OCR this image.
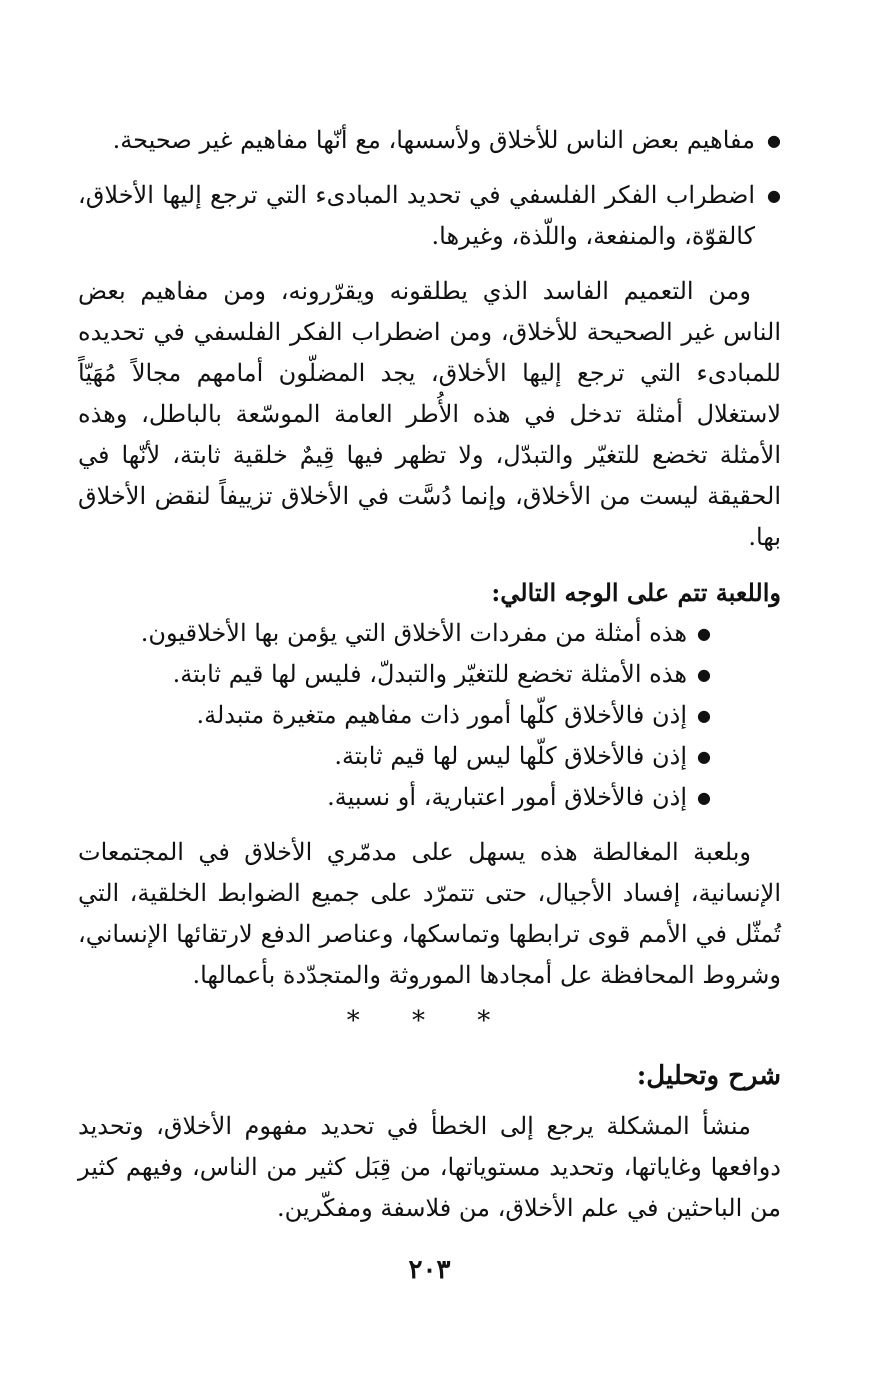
● مفاهيم بعض الناس للأخلاق ولأسسها، مع أنّها مفاهيم غير صحيحة.

● اضطراب الفكر الفلسفي في تحديد المبادىء التي ترجع إليها الأخلاق، كالقوّة، والمنفعة، واللّذة، وغيرها.

ومن التعميم الفاسد الذي يطلقونه ويقرّرونه، ومن مفاهيم بعض الناس غير الصحيحة للأخلاق، ومن اضطراب الفكر الفلسفي في تحديده للمبادىء التي ترجع إليها الأخلاق، يجد المضلّون أمامهم مجالاً مُهَيّاً لاستغلال أمثلة تدخل في هذه الأُطر العامة الموسّعة بالباطل، وهذه الأمثلة تخضع للتغيّر والتبدّل، ولا تظهر فيها قِيمٌ خلقية ثابتة، لأنّها في الحقيقة ليست من الأخلاق، وإنما دُسَّت في الأخلاق تزييفاً لنقض الأخلاق بها.

واللعبة تتم على الوجه التالي:

● هذه أمثلة من مفردات الأخلاق التي يؤمن بها الأخلاقيون.
● هذه الأمثلة تخضع للتغيّر والتبدلّ، فليس لها قيم ثابتة.
● إذن فالأخلاق كلّها أمور ذات مفاهيم متغيرة متبدلة.
● إذن فالأخلاق كلّها ليس لها قيم ثابتة.
● إذن فالأخلاق أمور اعتبارية، أو نسبية.

وبلعبة المغالطة هذه يسهل على مدمّري الأخلاق في المجتمعات الإنسانية، إفساد الأجيال، حتى تتمرّد على جميع الضوابط الخلقية، التي تُمثّل في الأمم قوى ترابطها وتماسكها، وعناصر الدفع لارتقائها الإنساني، وشروط المحافظة عل أمجادها الموروثة والمتجدّدة بأعمالها.

* * *
شرح وتحليل:

منشأ المشكلة يرجع إلى الخطأ في تحديد مفهوم الأخلاق، وتحديد دوافعها وغاياتها، وتحديد مستوياتها، من قِبَل كثير من الناس، وفيهم كثير من الباحثين في علم الأخلاق، من فلاسفة ومفكّرين.

٢٠٣
